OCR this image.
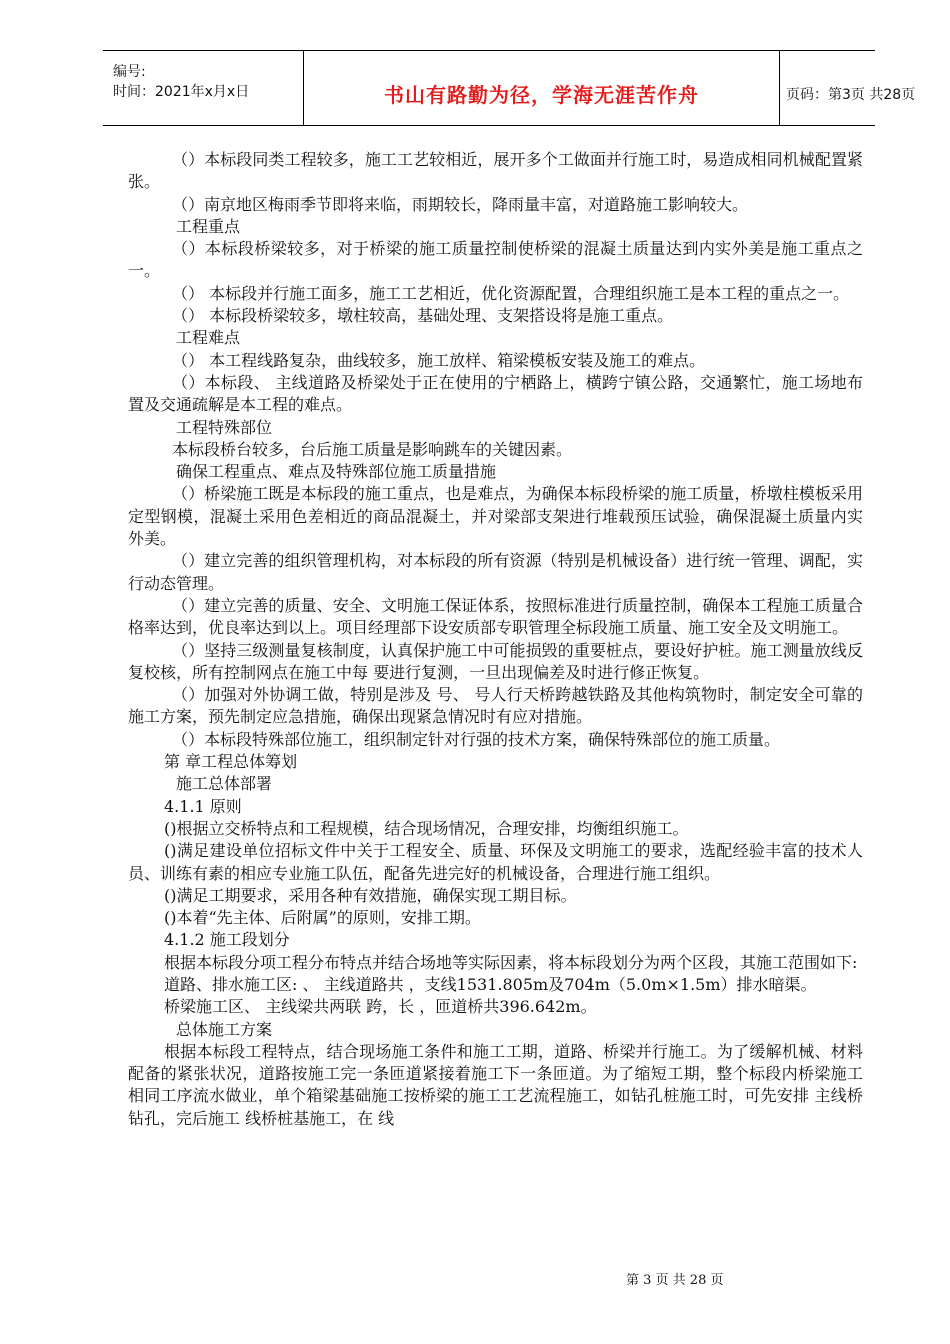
编号:
时间：2021年x月x日	书山有路勤为径，学海无涯苦作舟	页码：第3页 共28页

（）本标段同类工程较多，施工工艺较相近，展开多个工做面并行施工时，易造成相同机械配置紧张。

（）南京地区梅雨季节即将来临，雨期较长，降雨量丰富，对道路施工影响较大。

工程重点

（）本标段桥梁较多，对于桥梁的施工质量控制使桥梁的混凝土质量达到内实外美是施工重点之一。

（） 本标段并行施工面多，施工工艺相近，优化资源配置，合理组织施工是本工程的重点之一。

（） 本标段桥梁较多，墩柱较高，基础处理、支架搭设将是施工重点。

工程难点

（） 本工程线路复杂，曲线较多，施工放样、箱梁模板安装及施工的难点。

（）本标段、 主线道路及桥梁处于正在使用的宁栖路上，横跨宁镇公路，交通繁忙，施工场地布置及交通疏解是本工程的难点。

工程特殊部位

本标段桥台较多，台后施工质量是影响跳车的关键因素。

确保工程重点、难点及特殊部位施工质量措施

（）桥梁施工既是本标段的施工重点，也是难点，为确保本标段桥梁的施工质量，桥墩柱模板采用定型钢模，混凝土采用色差相近的商品混凝土，并对梁部支架进行堆载预压试验，确保混凝土质量内实外美。

（）建立完善的组织管理机构，对本标段的所有资源（特别是机械设备）进行统一管理、调配，实行动态管理。

（）建立完善的质量、安全、文明施工保证体系，按照标准进行质量控制，确保本工程施工质量合格率达到，优良率达到以上。项目经理部下设安质部专职管理全标段施工质量、施工安全及文明施工。

（）坚持三级测量复核制度，认真保护施工中可能损毁的重要桩点，要设好护桩。施工测量放线反复校核，所有控制网点在施工中每 要进行复测，一旦出现偏差及时进行修正恢复。

（）加强对外协调工做，特别是涉及 号、 号人行天桥跨越铁路及其他构筑物时，制定安全可靠的施工方案，预先制定应急措施，确保出现紧急情况时有应对措施。

（）本标段特殊部位施工，组织制定针对行强的技术方案，确保特殊部位的施工质量。

第 章工程总体筹划

施工总体部署

4.1.1 原则

()根据立交桥特点和工程规模，结合现场情况，合理安排，均衡组织施工。

()满足建设单位招标文件中关于工程安全、质量、环保及文明施工的要求，选配经验丰富的技术人员、训练有素的相应专业施工队伍，配备先进完好的机械设备，合理进行施工组织。

()满足工期要求，采用各种有效措施，确保实现工期目标。

()本着“先主体、后附属”的原则，安排工期。

4.1.2 施工段划分

根据本标段分项工程分布特点并结合场地等实际因素，将本标段划分为两个区段，其施工范围如下:

道路、排水施工区: 、 主线道路共 ，支线1531.805m及704m（5.0m×1.5m）排水暗渠。

桥梁施工区、 主线梁共两联 跨，长 ，匝道桥共396.642m。

总体施工方案

根据本标段工程特点，结合现场施工条件和施工工期，道路、桥梁并行施工。为了缓解机械、材料配备的紧张状况，道路按施工完一条匝道紧接着施工下一条匝道。为了缩短工期，整个标段内桥梁施工相同工序流水做业，单个箱梁基础施工按桥梁的施工工艺流程施工，如钻孔桩施工时，可先安排 主线桥钻孔，完后施工 线桥桩基施工，在 线

第 3 页 共 28 页
